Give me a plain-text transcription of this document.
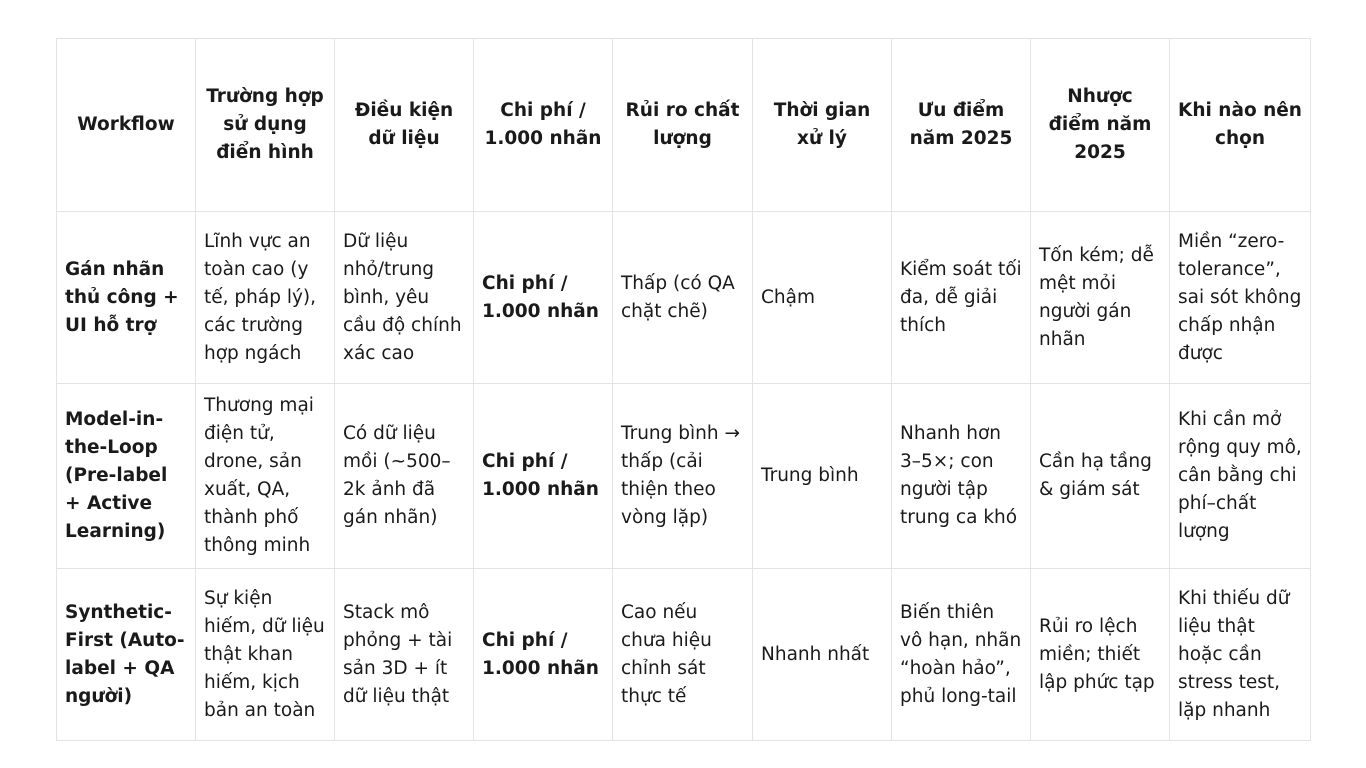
Workflow	Trường hợp sử dụng điển hình	Điều kiện dữ liệu	Chi phí / 1.000 nhãn	Rủi ro chất lượng	Thời gian xử lý	Ưu điểm năm 2025	Nhược điểm năm 2025	Khi nào nên chọn
Gán nhãn thủ công + UI hỗ trợ	Lĩnh vực an toàn cao (y tế, pháp lý), các trường hợp ngách	Dữ liệu nhỏ/trung bình, yêu cầu độ chính xác cao	Chi phí / 1.000 nhãn	Thấp (có QA chặt chẽ)	Chậm	Kiểm soát tối đa, dễ giải thích	Tốn kém; dễ mệt mỏi người gán nhãn	Miền “zero-tolerance”, sai sót không chấp nhận được
Model-in-the-Loop (Pre-label + Active Learning)	Thương mại điện tử, drone, sản xuất, QA, thành phố thông minh	Có dữ liệu mồi (~500–2k ảnh đã gán nhãn)	Chi phí / 1.000 nhãn	Trung bình → thấp (cải thiện theo vòng lặp)	Trung bình	Nhanh hơn 3–5×; con người tập trung ca khó	Cần hạ tầng & giám sát	Khi cần mở rộng quy mô, cân bằng chi phí–chất lượng
Synthetic-First (Auto-label + QA người)	Sự kiện hiếm, dữ liệu thật khan hiếm, kịch bản an toàn	Stack mô phỏng + tài sản 3D + ít dữ liệu thật	Chi phí / 1.000 nhãn	Cao nếu chưa hiệu chỉnh sát thực tế	Nhanh nhất	Biến thiên vô hạn, nhãn “hoàn hảo”, phủ long-tail	Rủi ro lệch miền; thiết lập phức tạp	Khi thiếu dữ liệu thật hoặc cần stress test, lặp nhanh
